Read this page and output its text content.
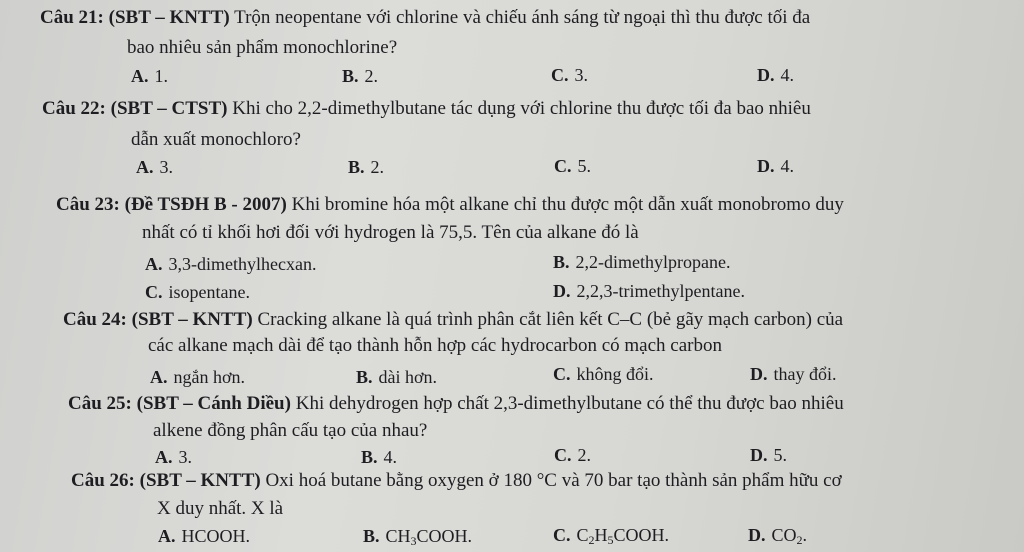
Câu 21: (SBT – KNTT) Trộn neopentane với chlorine và chiếu ánh sáng từ ngoại thì thu được tối đa
bao nhiêu sản phẩm monochlorine?
A. 1.	B. 2.	C. 3.	D. 4.
Câu 22: (SBT – CTST) Khi cho 2,2-dimethylbutane tác dụng với chlorine thu được tối đa bao nhiêu
dẫn xuất monochloro?
A. 3.	B. 2.	C. 5.	D. 4.
Câu 23: (Đề TSĐH B - 2007) Khi bromine hóa một alkane chỉ thu được một dẫn xuất monobromo duy
nhất có tỉ khối hơi đối với hydrogen là 75,5. Tên của alkane đó là
A. 3,3-dimethylhecxan.	B. 2,2-dimethylpropane.
C. isopentane.	D. 2,2,3-trimethylpentane.
Câu 24: (SBT – KNTT) Cracking alkane là quá trình phân cắt liên kết C–C (bẻ gãy mạch carbon) của
các alkane mạch dài để tạo thành hỗn hợp các hydrocarbon có mạch carbon
A. ngắn hơn.	B. dài hơn.	C. không đổi.	D. thay đổi.
Câu 25: (SBT – Cánh Diều) Khi dehydrogen hợp chất 2,3-dimethylbutane có thể thu được bao nhiêu
alkene đồng phân cấu tạo của nhau?
A. 3.	B. 4.	C. 2.	D. 5.
Câu 26: (SBT – KNTT) Oxi hoá butane bằng oxygen ở 180 °C và 70 bar tạo thành sản phẩm hữu cơ
X duy nhất. X là
A. HCOOH.	B. $CH_3COOH$.	C. $C_2H_5COOH$.	D. $CO_2$.
